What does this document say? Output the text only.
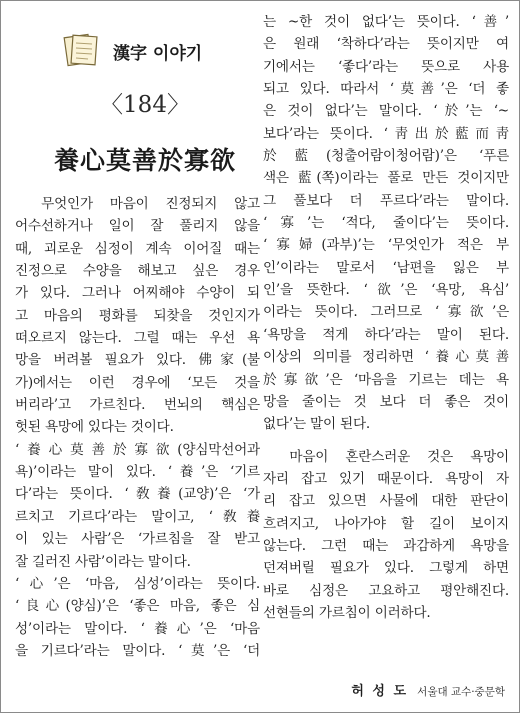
漢字 이야기
〈184〉
養心莫善於寡欲
　무엇인가 마음이 진정되지 않고
어수선하거나 일이 잘 풀리지 않을
때, 괴로운 심정이 계속 이어질 때는
진정으로 수양을 해보고 싶은 경우
가 있다. 그러나 어찌해야 수양이 되
고 마음의 평화를 되찾을 것인지가
떠오르지 않는다. 그럴 때는 우선 욕
망을 버려볼 필요가 있다. 佛家(불
가)에서는 이런 경우에 ‘모든 것을
버리라’고 가르친다. 번뇌의 핵심은
헛된 욕망에 있다는 것이다.
‘養心莫善於寡欲(양심막선어과
욕)’이라는 말이 있다. ‘養’은 ‘기르
다’라는 뜻이다. ‘敎養(교양)’은 ‘가
르치고 기르다’라는 말이고, ‘敎養
이 있는 사람’은 ‘가르침을 잘 받고
잘 길러진 사람’이라는 말이다.
‘心’은 ‘마음, 심성’이라는 뜻이다.
‘良心(양심)’은 ‘좋은 마음, 좋은 심
성’이라는 말이다. ‘養心’은 ‘마음
을 기르다’라는 말이다. ‘莫’은 ‘더
는 ~한 것이 없다’는 뜻이다. ‘善’
은 원래 ‘착하다’라는 뜻이지만 여
기에서는 ‘좋다’라는 뜻으로 사용
되고 있다. 따라서 ‘莫善’은 ‘더 좋
은 것이 없다’는 말이다. ‘於’는 ‘~
보다’라는 뜻이다. ‘靑出於藍而靑
於藍(청출어람이청어람)’은 ‘푸른
색은 藍(쪽)이라는 풀로 만든 것이지만
그 풀보다 더 푸르다’라는 말이다.
‘寡’는 ‘적다, 줄이다’는 뜻이다.
‘寡婦(과부)’는 ‘무엇인가 적은 부
인’이라는 말로서 ‘남편을 잃은 부
인’을 뜻한다. ‘欲’은 ‘욕망, 욕심’
이라는 뜻이다. 그러므로 ‘寡欲’은
‘욕망을 적게 하다’라는 말이 된다.
이상의 의미를 정리하면 ‘養心莫善
於寡欲’은 ‘마음을 기르는 데는 욕
망을 줄이는 것 보다 더 좋은 것이
없다’는 말이 된다.
　마음이 혼란스러운 것은 욕망이
자리 잡고 있기 때문이다. 욕망이 자
리 잡고 있으면 사물에 대한 판단이
흐려지고, 나아가야 할 길이 보이지
않는다. 그런 때는 과감하게 욕망을
던져버릴 필요가 있다. 그렇게 하면
바로 심정은 고요하고 평안해진다.
선현들의 가르침이 이러하다.
허 성 도 서울대 교수·중문학
